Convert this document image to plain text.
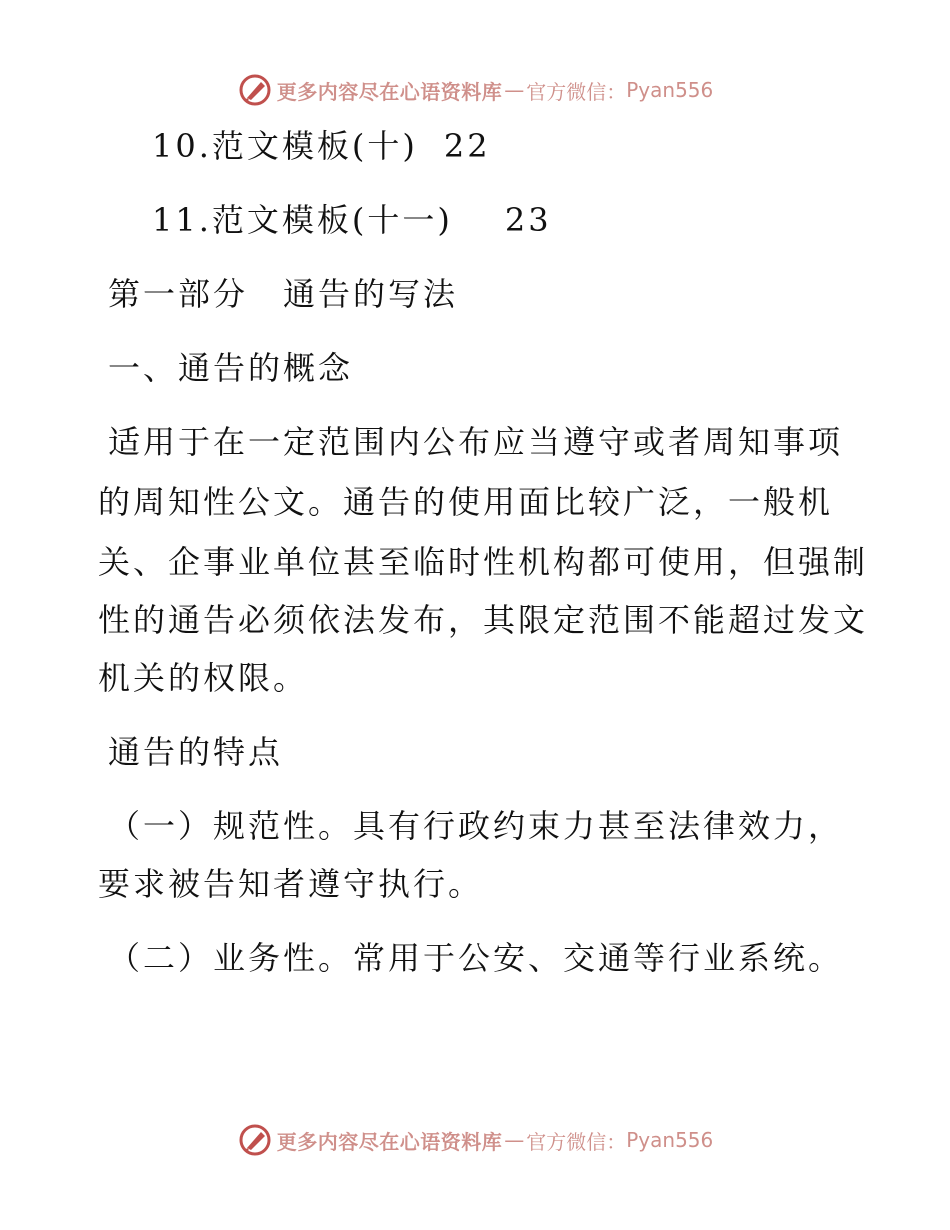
更多内容尽在心语资料库 — 官方微信： Pyan556
10.范文模板(十) 22
11.范文模板(十一) 23
第一部分　通告的写法
一、通告的概念
适用于在一定范围内公布应当遵守或者周知事项
的周知性公文。通告的使用面比较广泛，一般机
关、企事业单位甚至临时性机构都可使用，但强制
性的通告必须依法发布，其限定范围不能超过发文
机关的权限。
通告的特点
（一）规范性。具有行政约束力甚至法律效力，
要求被告知者遵守执行。
（二）业务性。常用于公安、交通等行业系统。
更多内容尽在心语资料库 — 官方微信： Pyan556
